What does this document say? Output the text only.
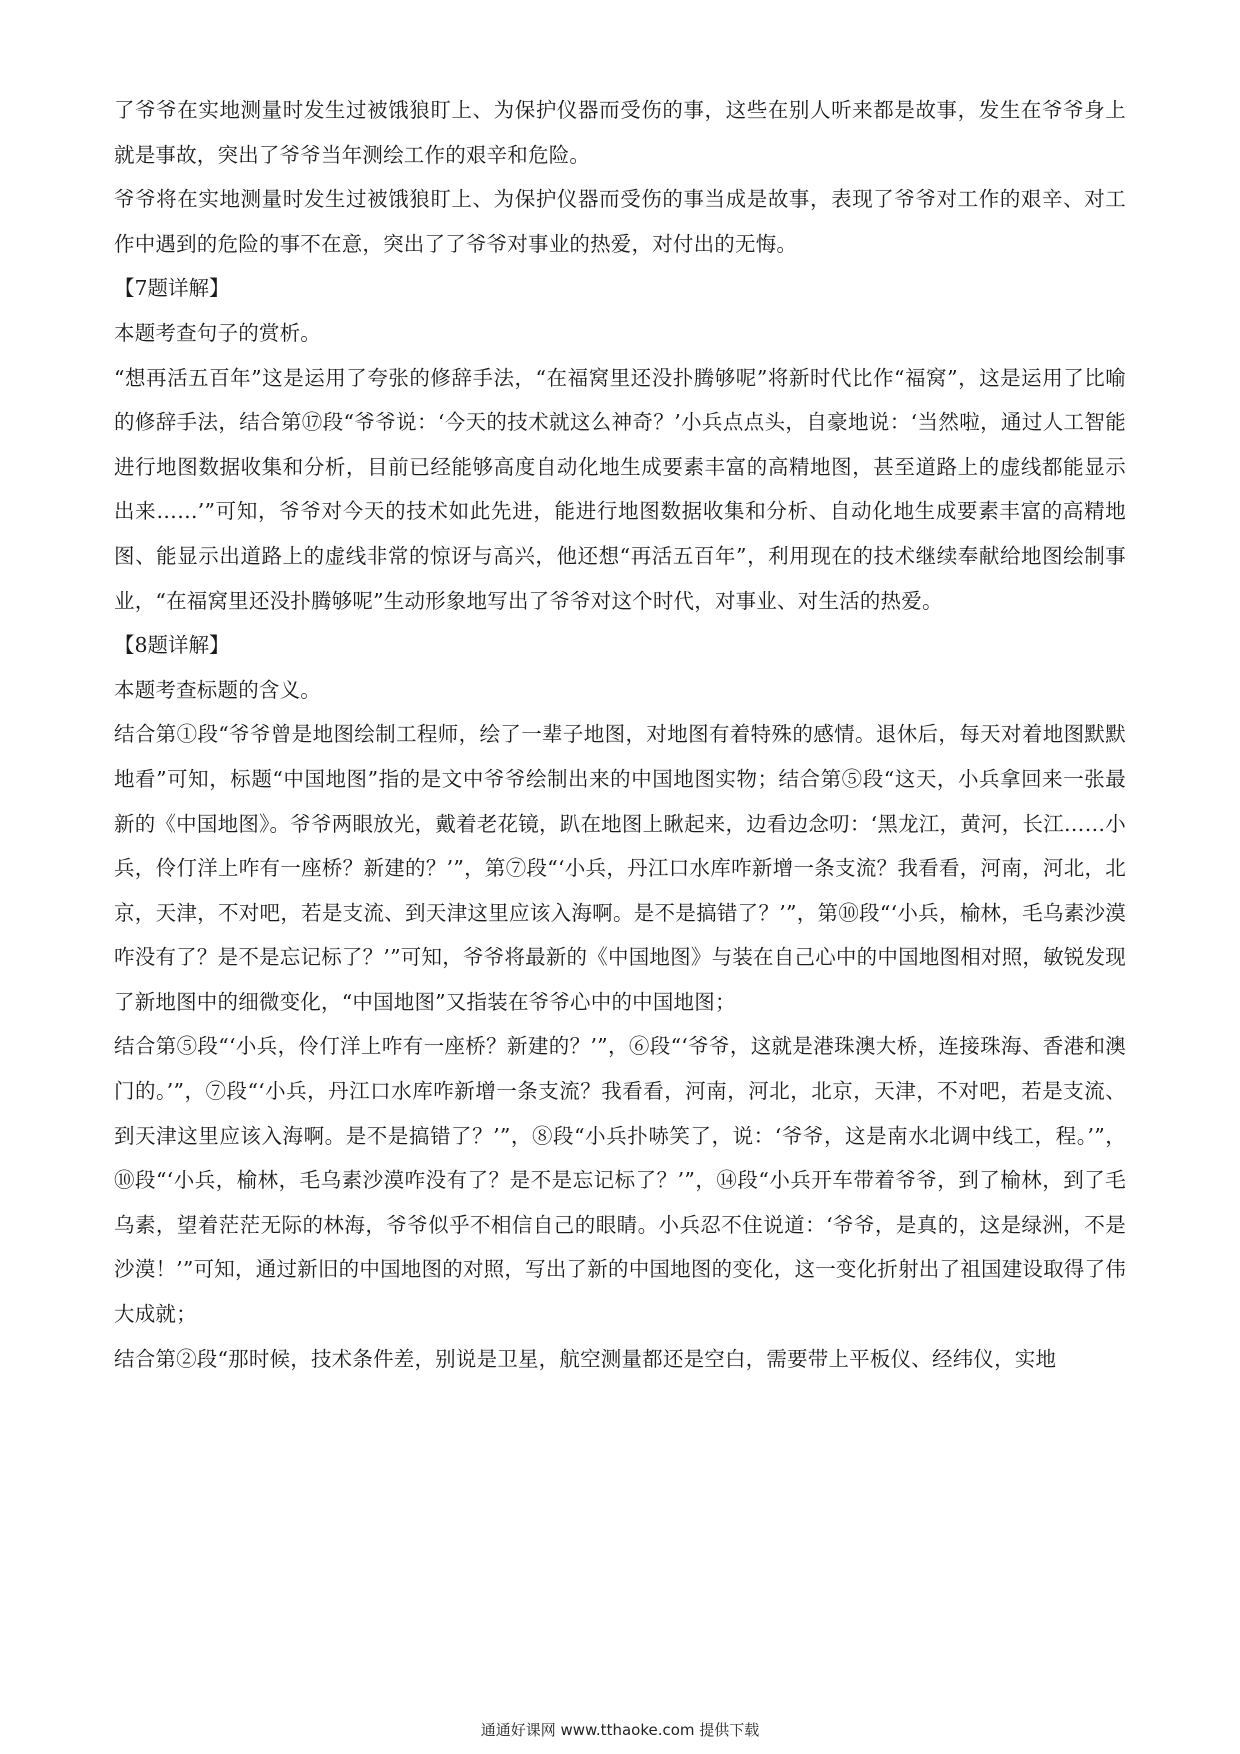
了爷爷在实地测量时发生过被饿狼盯上、为保护仪器而受伤的事，这些在别人听来都是故事，发生在爷爷身上就是事故，突出了爷爷当年测绘工作的艰辛和危险。

爷爷将在实地测量时发生过被饿狼盯上、为保护仪器而受伤的事当成是故事，表现了爷爷对工作的艰辛、对工作中遇到的危险的事不在意，突出了了爷爷对事业的热爱，对付出的无悔。

【7题详解】

本题考查句子的赏析。

“想再活五百年”这是运用了夸张的修辞手法，“在福窝里还没扑腾够呢”将新时代比作“福窝”，这是运用了比喻的修辞手法，结合第⑰段“爷爷说：‘今天的技术就这么神奇？’小兵点点头，自豪地说：‘当然啦，通过人工智能进行地图数据收集和分析，目前已经能够高度自动化地生成要素丰富的高精地图，甚至道路上的虚线都能显示出来……’”可知，爷爷对今天的技术如此先进，能进行地图数据收集和分析、自动化地生成要素丰富的高精地图、能显示出道路上的虚线非常的惊讶与高兴，他还想“再活五百年”，利用现在的技术继续奉献给地图绘制事业，“在福窝里还没扑腾够呢”生动形象地写出了爷爷对这个时代，对事业、对生活的热爱。

【8题详解】

本题考查标题的含义。

结合第①段“爷爷曾是地图绘制工程师，绘了一辈子地图，对地图有着特殊的感情。退休后，每天对着地图默默地看”可知，标题“中国地图”指的是文中爷爷绘制出来的中国地图实物；结合第⑤段“这天，小兵拿回来一张最新的《中国地图》。爷爷两眼放光，戴着老花镜，趴在地图上瞅起来，边看边念叨：‘黑龙江，黄河，长江……小兵，伶仃洋上咋有一座桥？新建的？’”，第⑦段“‘小兵，丹江口水库咋新增一条支流？我看看，河南，河北，北京，天津，不对吧，若是支流、到天津这里应该入海啊。是不是搞错了？’”，第⑩段“‘小兵，榆林，毛乌素沙漠咋没有了？是不是忘记标了？’”可知，爷爷将最新的《中国地图》与装在自己心中的中国地图相对照，敏锐发现了新地图中的细微变化，“中国地图”又指装在爷爷心中的中国地图；

结合第⑤段“‘小兵，伶仃洋上咋有一座桥？新建的？’”，⑥段“‘爷爷，这就是港珠澳大桥，连接珠海、香港和澳门的。’”，⑦段“‘小兵，丹江口水库咋新增一条支流？我看看，河南，河北，北京，天津，不对吧，若是支流、到天津这里应该入海啊。是不是搞错了？’”，⑧段“小兵扑哧笑了，说：‘爷爷，这是南水北调中线工，程。’”，⑩段“‘小兵，榆林，毛乌素沙漠咋没有了？是不是忘记标了？’”，⑭段“小兵开车带着爷爷，到了榆林，到了毛乌素，望着茫茫无际的林海，爷爷似乎不相信自己的眼睛。小兵忍不住说道：‘爷爷，是真的，这是绿洲，不是沙漠！’”可知，通过新旧的中国地图的对照，写出了新的中国地图的变化，这一变化折射出了祖国建设取得了伟大成就；

结合第②段“那时候，技术条件差，别说是卫星，航空测量都还是空白，需要带上平板仪、经纬仪，实地

通通好课网 www.tthaoke.com 提供下载
